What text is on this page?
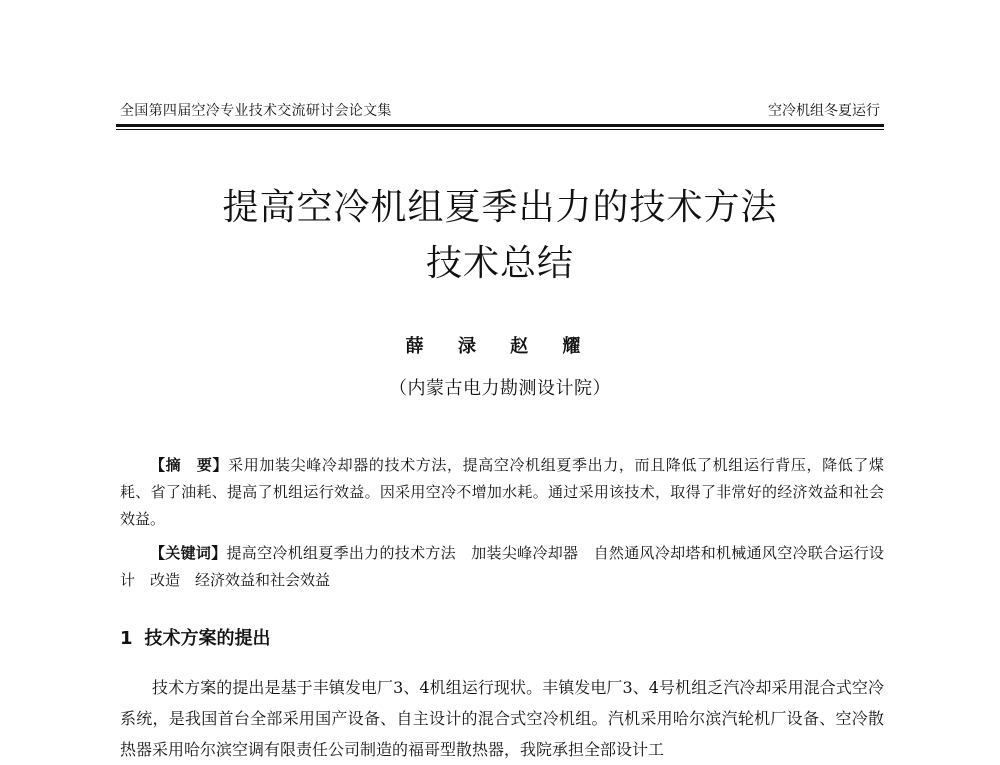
全国第四届空冷专业技术交流研讨会论文集	空冷机组冬夏运行
提高空冷机组夏季出力的技术方法
技术总结
薛 渌 赵 耀
（内蒙古电力勘测设计院）
【摘　要】采用加装尖峰冷却器的技术方法，提高空冷机组夏季出力，而且降低了机组运行背压，降低了煤耗、省了油耗、提高了机组运行效益。因采用空冷不增加水耗。通过采用该技术，取得了非常好的经济效益和社会效益。
【关键词】提高空冷机组夏季出力的技术方法　加装尖峰冷却器　自然通风冷却塔和机械通风空冷联合运行设计　改造　经济效益和社会效益
1 技术方案的提出
技术方案的提出是基于丰镇发电厂3、4机组运行现状。丰镇发电厂3、4号机组乏汽冷却采用混合式空冷系统，是我国首台全部采用国产设备、自主设计的混合式空冷机组。汽机采用哈尔滨汽轮机厂设备、空冷散热器采用哈尔滨空调有限责任公司制造的福哥型散热器，我院承担全部设计工
